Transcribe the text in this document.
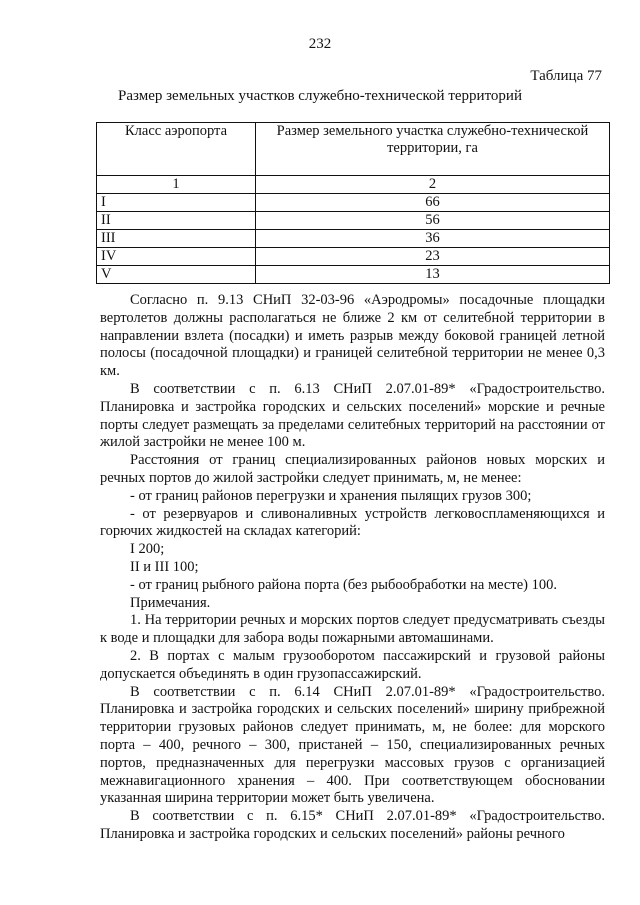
232
Таблица 77
Размер земельных участков служебно-технической территорий
Класс аэропорта	Размер земельного участка служебно-технической территории, га
1	2
I	66
II	56
III	36
IV	23
V	13

Согласно п. 9.13 СНиП 32-03-96 «Аэродромы» посадочные площадки вертолетов должны располагаться не ближе 2 км от селитебной территории в направлении взлета (посадки) и иметь разрыв между боковой границей летной полосы (посадочной площадки) и границей селитебной территории не менее 0,3 км.

В соответствии с п. 6.13 СНиП 2.07.01-89* «Градостроительство. Планировка и застройка городских и сельских поселений» морские и речные порты следует размещать за пределами селитебных территорий на расстоянии от жилой застройки не менее 100 м.

Расстояния от границ специализированных районов новых морских и речных портов до жилой застройки следует принимать, м, не менее:

- от границ районов перегрузки и хранения пылящих грузов 300;

- от резервуаров и сливоналивных устройств легковоспламеняющихся и горючих жидкостей на складах категорий:

I 200;

II и III 100;

- от границ рыбного района порта (без рыбообработки на месте) 100.

Примечания.

1. На территории речных и морских портов следует предусматривать съезды к воде и площадки для забора воды пожарными автомашинами.

2. В портах с малым грузооборотом пассажирский и грузовой районы допускается объединять в один грузопассажирский.

В соответствии с п. 6.14 СНиП 2.07.01-89* «Градостроительство. Планировка и застройка городских и сельских поселений» ширину прибрежной территории грузовых районов следует принимать, м, не более: для морского порта – 400, речного – 300, пристаней – 150, специализированных речных портов, предназначенных для перегрузки массовых грузов с организацией межнавигационного хранения – 400. При соответствующем обосновании указанная ширина территории может быть увеличена.

В соответствии с п. 6.15* СНиП 2.07.01-89* «Градостроительство. Планировка и застройка городских и сельских поселений» районы речного
